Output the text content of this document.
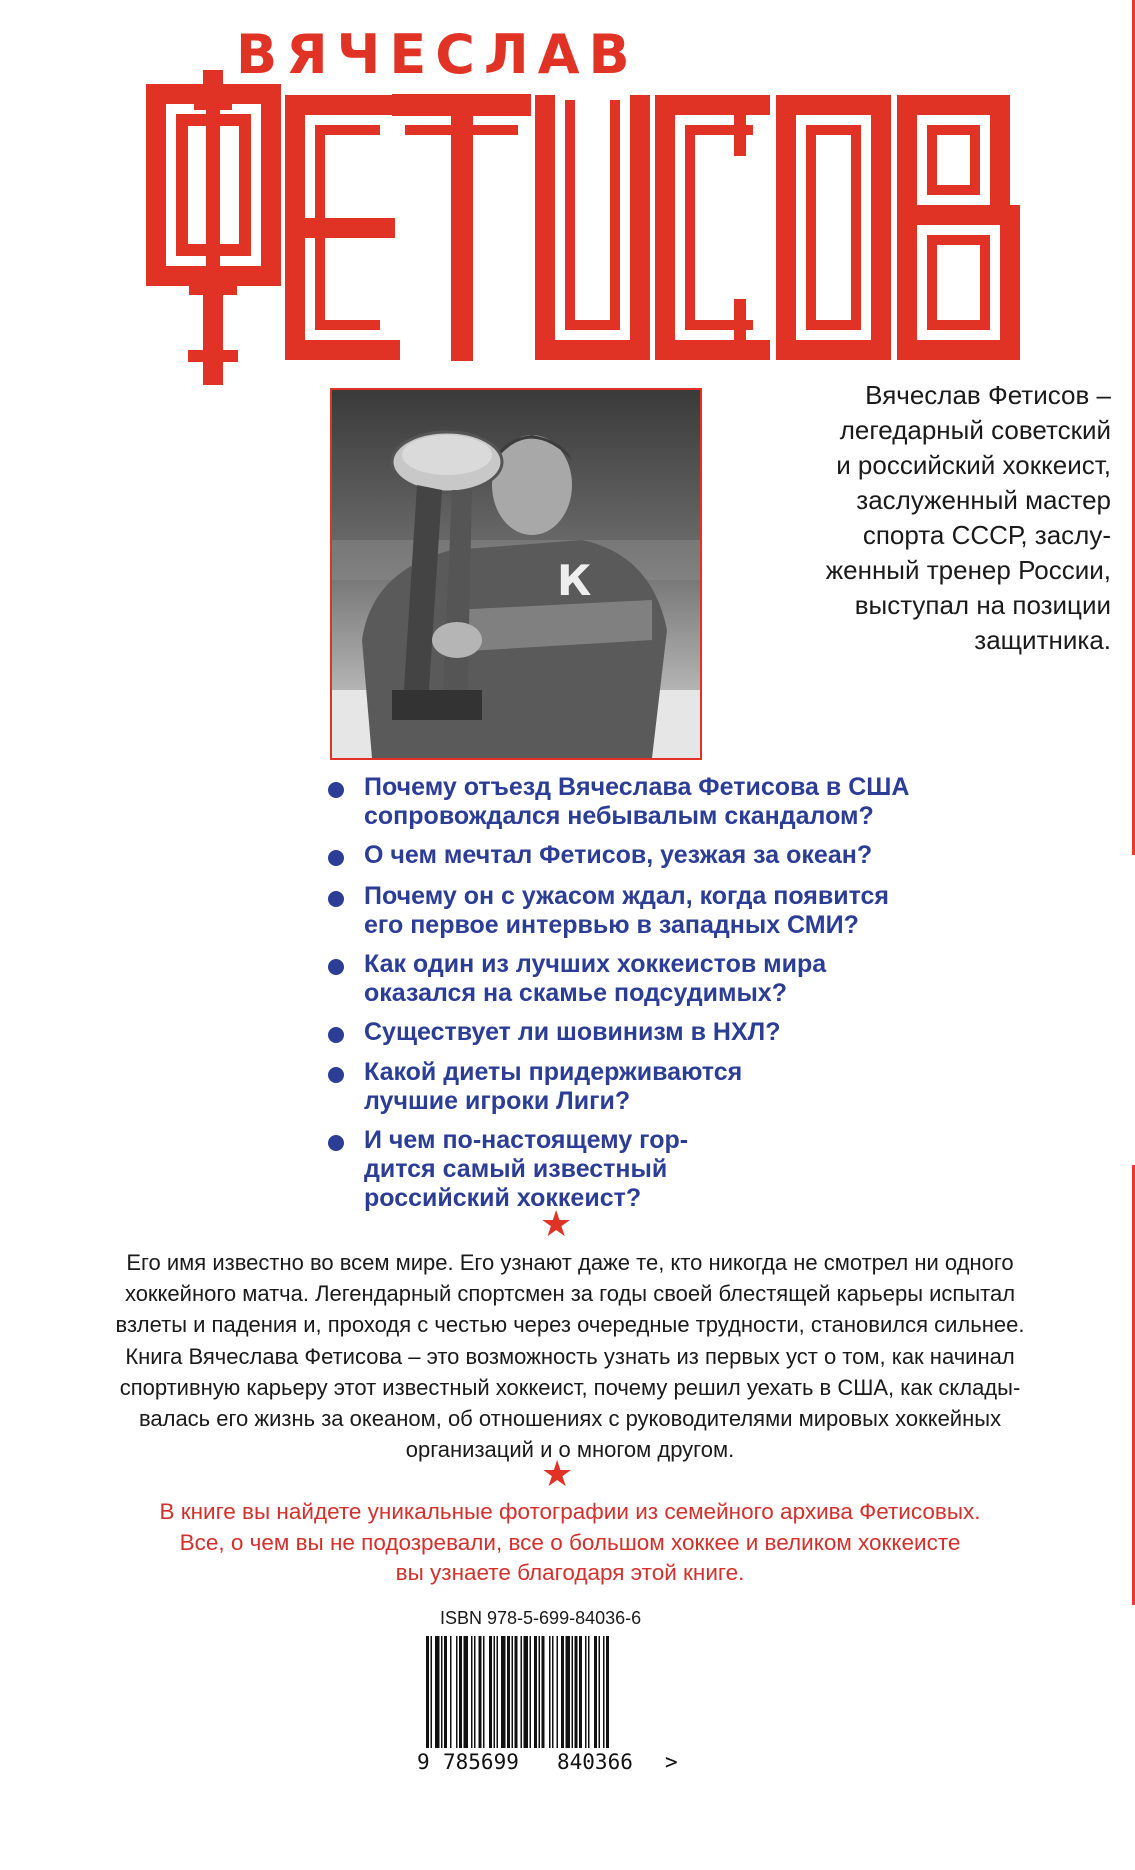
ВЯЧЕСЛАВ
К
Вячеслав Фетисов –
легедарный советский
и российский хоккеист,
заслуженный мастер
спорта СССР, заслу-
женный тренер России,
выступал на позиции
защитника.
Почему отъезд Вячеслава Фетисова в США
сопровождался небывалым скандалом?
О чем мечтал Фетисов, уезжая за океан?
Почему он с ужасом ждал, когда появится
его первое интервью в западных СМИ?
Как один из лучших хоккеистов мира
оказался на скамье подсудимых?
Существует ли шовинизм в НХЛ?
Какой диеты придерживаются
лучшие игроки Лиги?
И чем по-настоящему гор-
дится самый известный
российский хоккеист?
★
Его имя известно во всем мире. Его узнают даже те, кто никогда не смотрел ни одного
хоккейного матча. Легендарный спортсмен за годы своей блестящей карьеры испытал
взлеты и падения и, проходя с честью через очередные трудности, становился сильнее.
Книга Вячеслава Фетисова – это возможность узнать из первых уст о том, как начинал
спортивную карьеру этот известный хоккеист, почему решил уехать в США, как склады-
валась его жизнь за океаном, об отношениях с руководителями мировых хоккейных
организаций и о многом другом.
★
В книге вы найдете уникальные фотографии из семейного архива Фетисовых.
Все, о чем вы не подозревали, все о большом хоккее и великом хоккеисте
вы узнаете благодаря этой книге.

ISBN 978-5-699-84036-6

9

785699

840366

>
